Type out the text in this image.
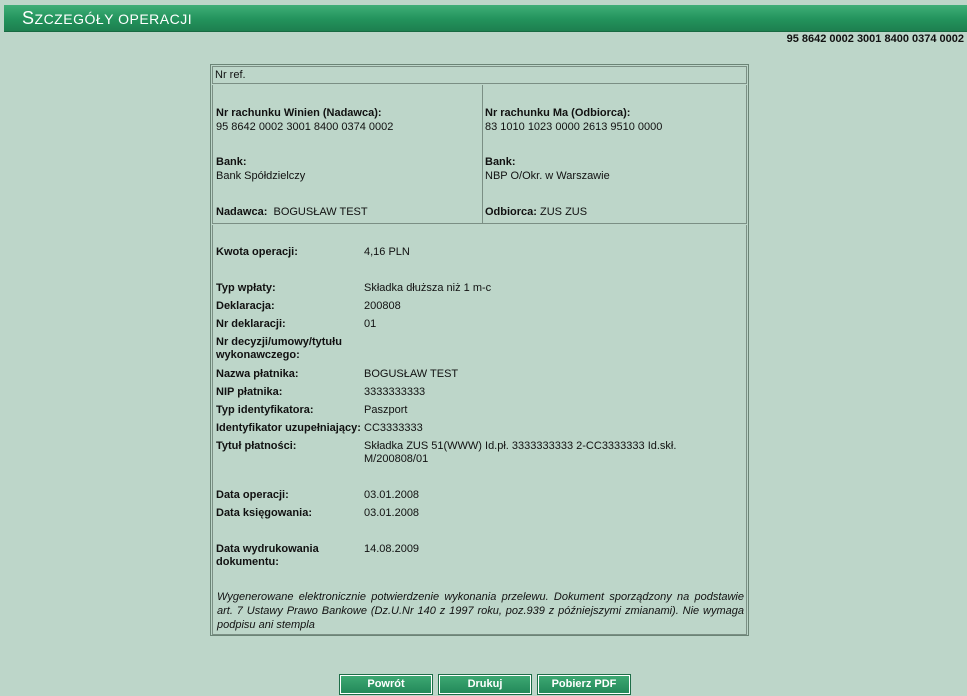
SZCZEGÓŁY OPERACJI
95 8642 0002 3001 8400 0374 0002
Nr ref.
Nr rachunku Winien (Nadawca):
95 8642 0002 3001 8400 0374 0002
Bank:
Bank Spółdzielczy
Nadawca: BOGUSŁAW TEST
Nr rachunku Ma (Odbiorca):
83 1010 1023 0000 2613 9510 0000
Bank:
NBP O/Okr. w Warszawie
Odbiorca: ZUS ZUS
Kwota operacji:	4,16 PLN
Typ wpłaty:	Składka dłuższa niż 1 m-c
Deklaracja:	200808
Nr deklaracji:	01
Nr decyzji/umowy/tytułu wykonawczego:
Nazwa płatnika:	BOGUSŁAW TEST
NIP płatnika:	3333333333
Typ identyfikatora:	Paszport
Identyfikator uzupełniający: CC3333333
Tytuł płatności:	Składka ZUS 51(WWW) Id.pł. 3333333333 2-CC3333333 Id.skł. M/200808/01
Data operacji:	03.01.2008
Data księgowania:	03.01.2008
Data wydrukowania dokumentu:
14.08.2009
Wygenerowane elektronicznie potwierdzenie wykonania przelewu. Dokument sporządzony na podstawie art. 7 Ustawy Prawo Bankowe (Dz.U.Nr 140 z 1997 roku, poz.939 z późniejszymi zmianami). Nie wymaga podpisu ani stempla
Powrót	Drukuj	Pobierz PDF
